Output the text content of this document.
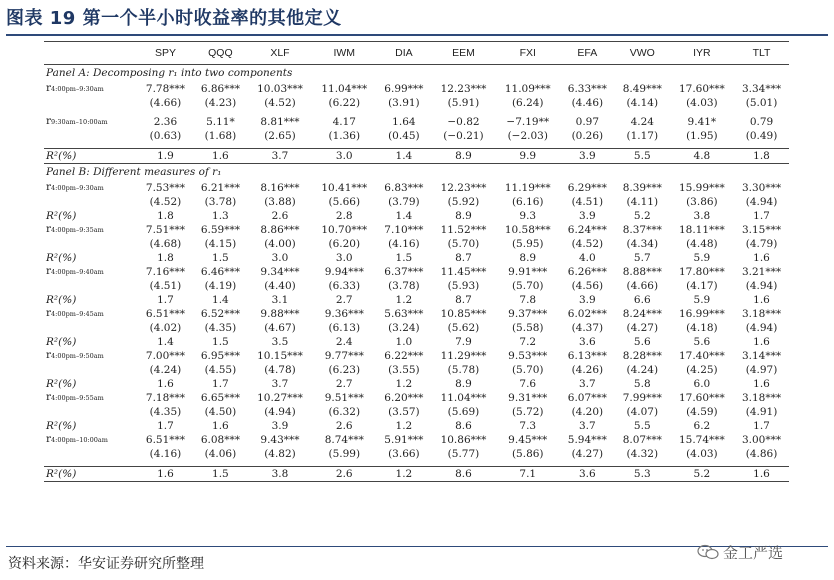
图表 19 第一个半小时收益率的其他定义
	SPY	QQQ	XLF	IWM	DIA	EEM	FXI	EFA	VWO	IYR	TLT
Panel A: Decomposing r₁ into two components											
r4:00pm–9:30am	7.78***	6.86***	10.03***	11.04***	6.99***	12.23***	11.09***	6.33***	8.49***	17.60***	3.34***
	(4.66)	(4.23)	(4.52)	(6.22)	(3.91)	(5.91)	(6.24)	(4.46)	(4.14)	(4.03)	(5.01)

r9:30am–10:00am	2.36	5.11*	8.81***	4.17	1.64	−0.82	−7.19**	0.97	4.24	9.41*	0.79
	(0.63)	(1.68)	(2.65)	(1.36)	(0.45)	(−0.21)	(−2.03)	(0.26)	(1.17)	(1.95)	(0.49)

R²(%)	1.9	1.6	3.7	3.0	1.4	8.9	9.9	3.9	5.5	4.8	1.8
Panel B: Different measures of r₁											
r4:00pm–9:30am	7.53***	6.21***	8.16***	10.41***	6.83***	12.23***	11.19***	6.29***	8.39***	15.99***	3.30***
	(4.52)	(3.78)	(3.88)	(5.66)	(3.79)	(5.92)	(6.16)	(4.51)	(4.11)	(3.86)	(4.94)
R²(%)	1.8	1.3	2.6	2.8	1.4	8.9	9.3	3.9	5.2	3.8	1.7
r4:00pm–9:35am	7.51***	6.59***	8.86***	10.70***	7.10***	11.52***	10.58***	6.24***	8.37***	18.11***	3.15***
	(4.68)	(4.15)	(4.00)	(6.20)	(4.16)	(5.70)	(5.95)	(4.52)	(4.34)	(4.48)	(4.79)
R²(%)	1.8	1.5	3.0	3.0	1.5	8.7	8.9	4.0	5.7	5.9	1.6
r4:00pm–9:40am	7.16***	6.46***	9.34***	9.94***	6.37***	11.45***	9.91***	6.26***	8.88***	17.80***	3.21***
	(4.51)	(4.19)	(4.40)	(6.33)	(3.78)	(5.93)	(5.70)	(4.56)	(4.66)	(4.17)	(4.94)
R²(%)	1.7	1.4	3.1	2.7	1.2	8.7	7.8	3.9	6.6	5.9	1.6
r4:00pm–9:45am	6.51***	6.52***	9.88***	9.36***	5.63***	10.85***	9.37***	6.02***	8.24***	16.99***	3.18***
	(4.02)	(4.35)	(4.67)	(6.13)	(3.24)	(5.62)	(5.58)	(4.37)	(4.27)	(4.18)	(4.94)
R²(%)	1.4	1.5	3.5	2.4	1.0	7.9	7.2	3.6	5.6	5.6	1.6
r4:00pm–9:50am	7.00***	6.95***	10.15***	9.77***	6.22***	11.29***	9.53***	6.13***	8.28***	17.40***	3.14***
	(4.24)	(4.55)	(4.78)	(6.23)	(3.55)	(5.78)	(5.70)	(4.26)	(4.24)	(4.25)	(4.97)
R²(%)	1.6	1.7	3.7	2.7	1.2	8.9	7.6	3.7	5.8	6.0	1.6
r4:00pm–9:55am	7.18***	6.65***	10.27***	9.51***	6.20***	11.04***	9.31***	6.07***	7.99***	17.60***	3.18***
	(4.35)	(4.50)	(4.94)	(6.32)	(3.57)	(5.69)	(5.72)	(4.20)	(4.07)	(4.59)	(4.91)
R²(%)	1.7	1.6	3.9	2.6	1.2	8.6	7.3	3.7	5.5	6.2	1.7
r4:00pm–10:00am	6.51***	6.08***	9.43***	8.74***	5.91***	10.86***	9.45***	5.94***	8.07***	15.74***	3.00***
	(4.16)	(4.06)	(4.82)	(5.99)	(3.66)	(5.77)	(5.86)	(4.27)	(4.32)	(4.03)	(4.86)

R²(%)	1.6	1.5	3.8	2.6	1.2	8.6	7.1	3.6	5.3	5.2	1.6
资料来源：华安证券研究所整理
金工严选
